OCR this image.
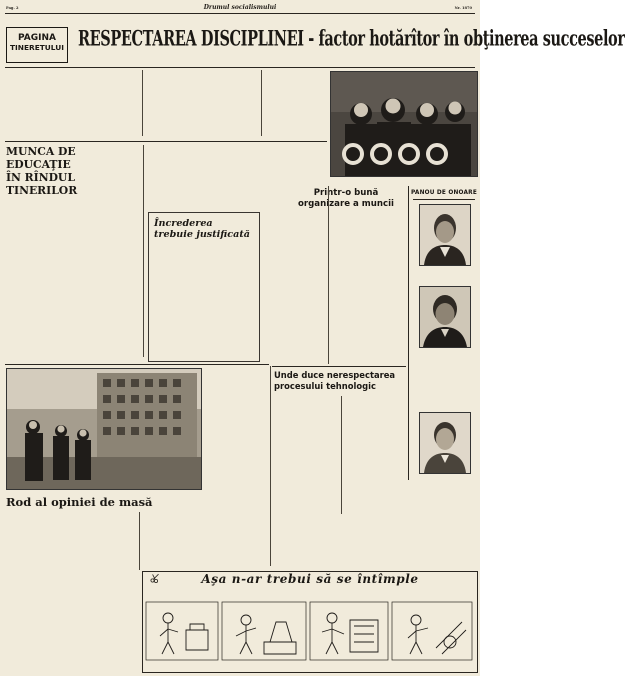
Pag. 2	Drumul socialismului	Nr. 1870
PAGINA
TINERETULUI RESPECTAREA DISCIPLINEI - factor hotărîtor în obţinerea succeselor
MUNCA DE EDUCAŢIE
ÎN RÎNDUL TINERILOR
Încrederea
trebuie justificată
Printr-o bună
organizare a muncii
PANOU DE ONOARE
Unde duce nerespectarea
procesului tehnologic
Rod al opiniei de masă
Aşa n-ar trebui să se întîmple
